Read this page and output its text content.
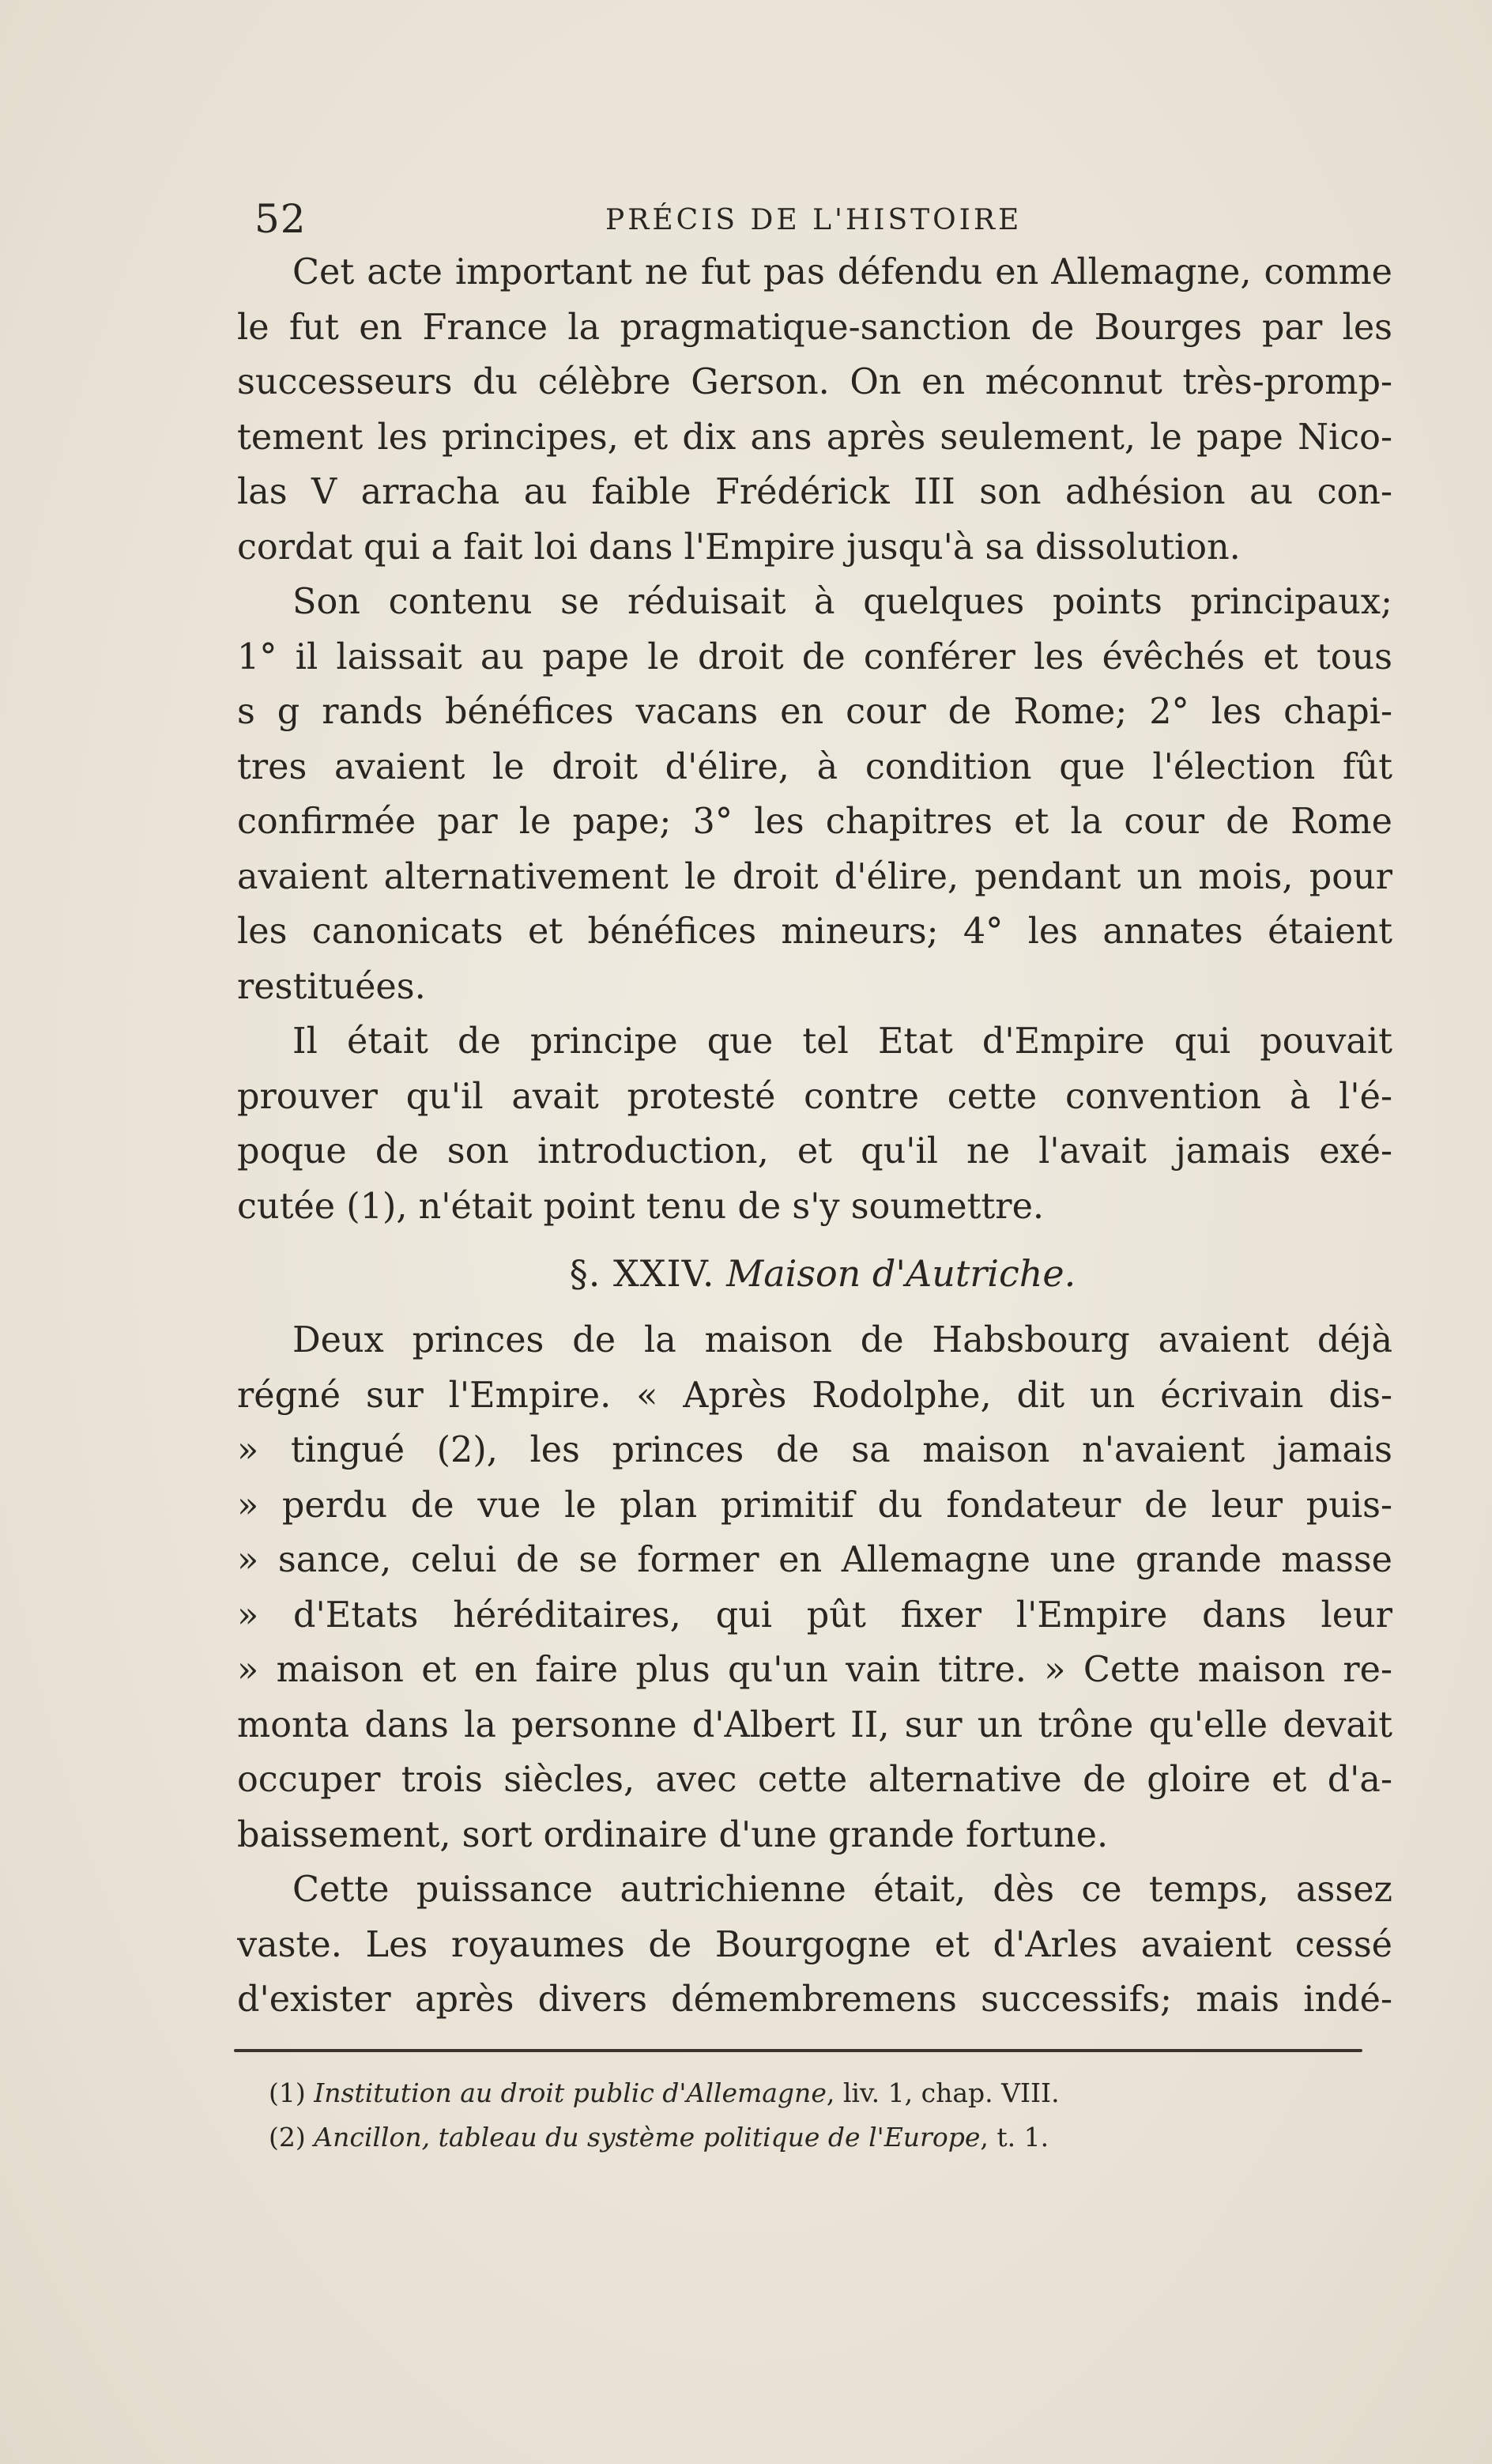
52	PRÉCIS DE L'HISTOIRE
Cet acte important ne fut pas défendu en Allemagne, comme
le fut en France la pragmatique-sanction de Bourges par les
successeurs du célèbre Gerson. On en méconnut très-promp-
tement les principes, et dix ans après seulement, le pape Nico-
las V arracha au faible Frédérick III son adhésion au con-
cordat qui a fait loi dans l'Empire jusqu'à sa dissolution.
Son contenu se réduisait à quelques points principaux;
1° il laissait au pape le droit de conférer les évêchés et tous
s g rands bénéfices vacans en cour de Rome; 2° les chapi-
tres avaient le droit d'élire, à condition que l'élection fût
confirmée par le pape; 3° les chapitres et la cour de Rome
avaient alternativement le droit d'élire, pendant un mois, pour
les canonicats et bénéfices mineurs; 4° les annates étaient
restituées.
Il était de principe que tel Etat d'Empire qui pouvait
prouver qu'il avait protesté contre cette convention à l'é-
poque de son introduction, et qu'il ne l'avait jamais exé-
cutée (1), n'était point tenu de s'y soumettre.
§. XXIV. Maison d'Autriche.
Deux princes de la maison de Habsbourg avaient déjà
régné sur l'Empire. « Après Rodolphe, dit un écrivain dis-
» tingué (2), les princes de sa maison n'avaient jamais
» perdu de vue le plan primitif du fondateur de leur puis-
» sance, celui de se former en Allemagne une grande masse
» d'Etats héréditaires, qui pût fixer l'Empire dans leur
» maison et en faire plus qu'un vain titre. » Cette maison re-
monta dans la personne d'Albert II, sur un trône qu'elle devait
occuper trois siècles, avec cette alternative de gloire et d'a-
baissement, sort ordinaire d'une grande fortune.
Cette puissance autrichienne était, dès ce temps, assez
vaste. Les royaumes de Bourgogne et d'Arles avaient cessé
d'exister après divers démembremens successifs; mais indé-
(1) Institution au droit public d'Allemagne, liv. 1, chap. VIII.
(2) Ancillon, tableau du système politique de l'Europe, t. 1.
